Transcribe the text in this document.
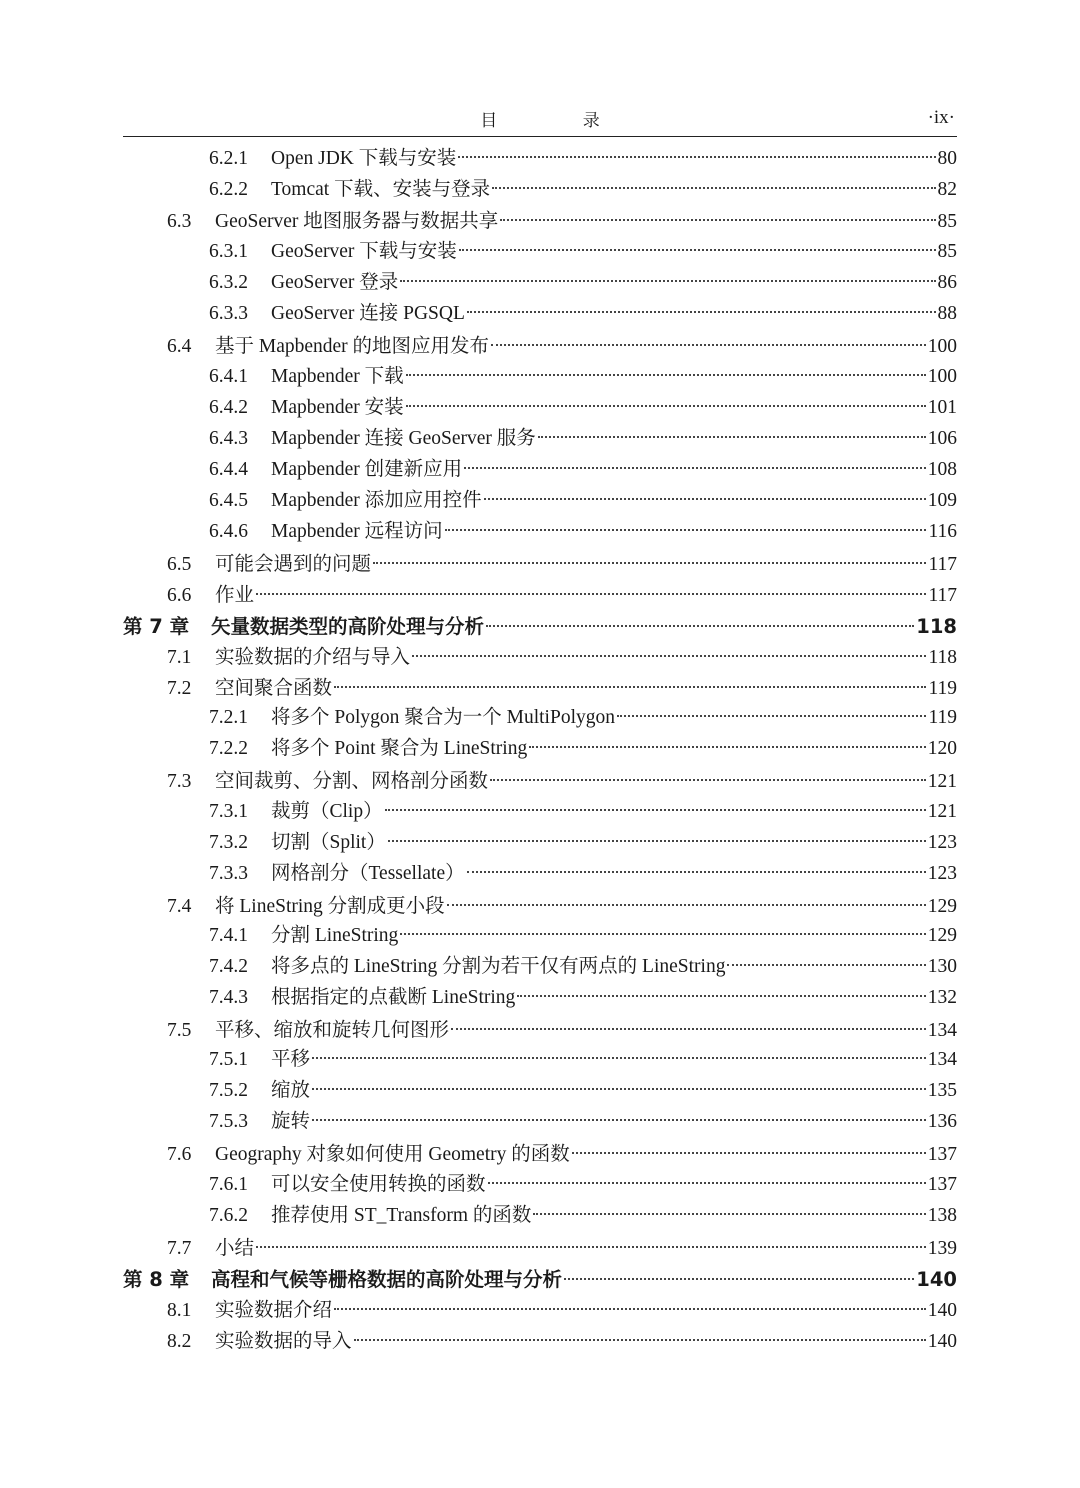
目 录	·ix·
6.2.1	Open JDK 下载与安装	80
6.2.2	Tomcat 下载、安装与登录	82
6.3	GeoServer 地图服务器与数据共享	85
6.3.1	GeoServer 下载与安装	85
6.3.2	GeoServer 登录	86
6.3.3	GeoServer 连接 PGSQL	88
6.4	基于 Mapbender 的地图应用发布	100
6.4.1	Mapbender 下载	100
6.4.2	Mapbender 安装	101
6.4.3	Mapbender 连接 GeoServer 服务	106
6.4.4	Mapbender 创建新应用	108
6.4.5	Mapbender 添加应用控件	109
6.4.6	Mapbender 远程访问	116
6.5	可能会遇到的问题	117
6.6	作业	117
第 7 章	矢量数据类型的高阶处理与分析	118
7.1	实验数据的介绍与导入	118
7.2	空间聚合函数	119
7.2.1	将多个 Polygon 聚合为一个 MultiPolygon	119
7.2.2	将多个 Point 聚合为 LineString	120
7.3	空间裁剪、分割、网格剖分函数	121
7.3.1	裁剪（Clip）	121
7.3.2	切割（Split）	123
7.3.3	网格剖分（Tessellate）	123
7.4	将 LineString 分割成更小段	129
7.4.1	分割 LineString	129
7.4.2	将多点的 LineString 分割为若干仅有两点的 LineString	130
7.4.3	根据指定的点截断 LineString	132
7.5	平移、缩放和旋转几何图形	134
7.5.1	平移	134
7.5.2	缩放	135
7.5.3	旋转	136
7.6	Geography 对象如何使用 Geometry 的函数	137
7.6.1	可以安全使用转换的函数	137
7.6.2	推荐使用 ST_Transform 的函数	138
7.7	小结	139
第 8 章	高程和气候等栅格数据的高阶处理与分析	140
8.1	实验数据介绍	140
8.2	实验数据的导入	140
